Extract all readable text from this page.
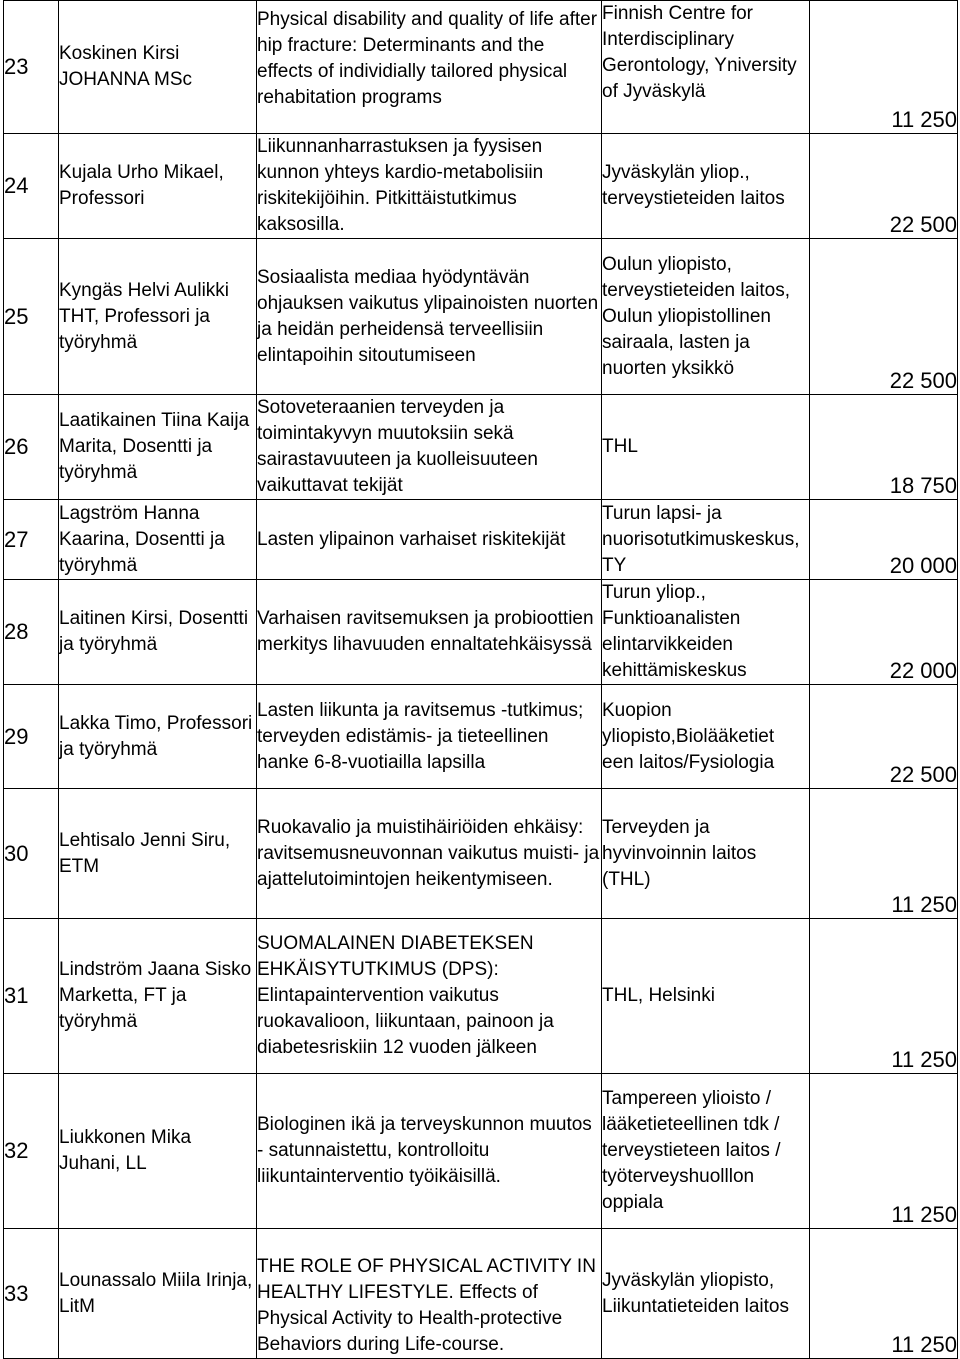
23	Koskinen Kirsi JOHANNA MSc	Physical disability and quality of life after hip fracture: Determinants and the effects of individially tailored physical rehabitation programs	Finnish Centre for Interdisciplinary Gerontology, Yniversity of Jyväskylä	11 250
24	Kujala Urho Mikael, Professori	Liikunnanharrastuksen ja fyysisen kunnon yhteys kardio-metabolisiin riskitekijöihin. Pitkittäistutkimus kaksosilla.	Jyväskylän yliop., terveystieteiden laitos	22 500
25	Kyngäs Helvi Aulikki THT, Professori ja työryhmä	Sosiaalista mediaa hyödyntävän ohjauksen vaikutus ylipainoisten nuorten ja heidän perheidensä terveellisiin elintapoihin sitoutumiseen	Oulun yliopisto, terveystieteiden laitos, Oulun yliopistollinen sairaala, lasten ja nuorten yksikkö	22 500
26	Laatikainen Tiina Kaija Marita, Dosentti ja työryhmä	Sotoveteraanien terveyden ja toimintakyvyn muutoksiin sekä sairastavuuteen ja kuolleisuuteen vaikuttavat tekijät	THL	18 750
27	Lagström Hanna Kaarina, Dosentti ja työryhmä	Lasten ylipainon varhaiset riskitekijät	Turun lapsi- ja nuorisotutkimuskeskus, TY	20 000
28	Laitinen Kirsi, Dosentti ja työryhmä	Varhaisen ravitsemuksen ja probioottien merkitys lihavuuden ennaltatehkäisyssä	Turun yliop., Funktioanalisten elintarvikkeiden kehittämiskeskus	22 000
29	Lakka Timo, Professori ja työryhmä	Lasten liikunta ja ravitsemus -tutkimus; terveyden edistämis- ja tieteellinen hanke 6-8-vuotiailla lapsilla	Kuopion yliopisto,Biolääketiet een laitos/Fysiologia	22 500
30	Lehtisalo Jenni Siru, ETM	Ruokavalio ja muistihäiriöiden ehkäisy: ravitsemusneuvonnan vaikutus muisti- ja ajattelutoimintojen heikentymiseen.	Terveyden ja hyvinvoinnin laitos (THL)	11 250
31	Lindström Jaana Sisko Marketta, FT ja työryhmä	SUOMALAINEN DIABETEKSEN EHKÄISYTUTKIMUS (DPS): Elintapaintervention vaikutus ruokavalioon, liikuntaan, painoon ja diabetesriskiin 12 vuoden jälkeen	THL, Helsinki	11 250
32	Liukkonen Mika Juhani, LL	Biologinen ikä ja terveyskunnon muutos - satunnaistettu, kontrolloitu liikuntainterventio työikäisillä.	Tampereen ylioisto / lääketieteellinen tdk / terveystieteen laitos / työterveyshuolllon oppiala	11 250
33	Lounassalo Miila Irinja, LitM	THE ROLE OF PHYSICAL ACTIVITY IN HEALTHY LIFESTYLE. Effects of Physical Activity to Health-protective Behaviors during Life-course.	Jyväskylän yliopisto, Liikuntatieteiden laitos	11 250
